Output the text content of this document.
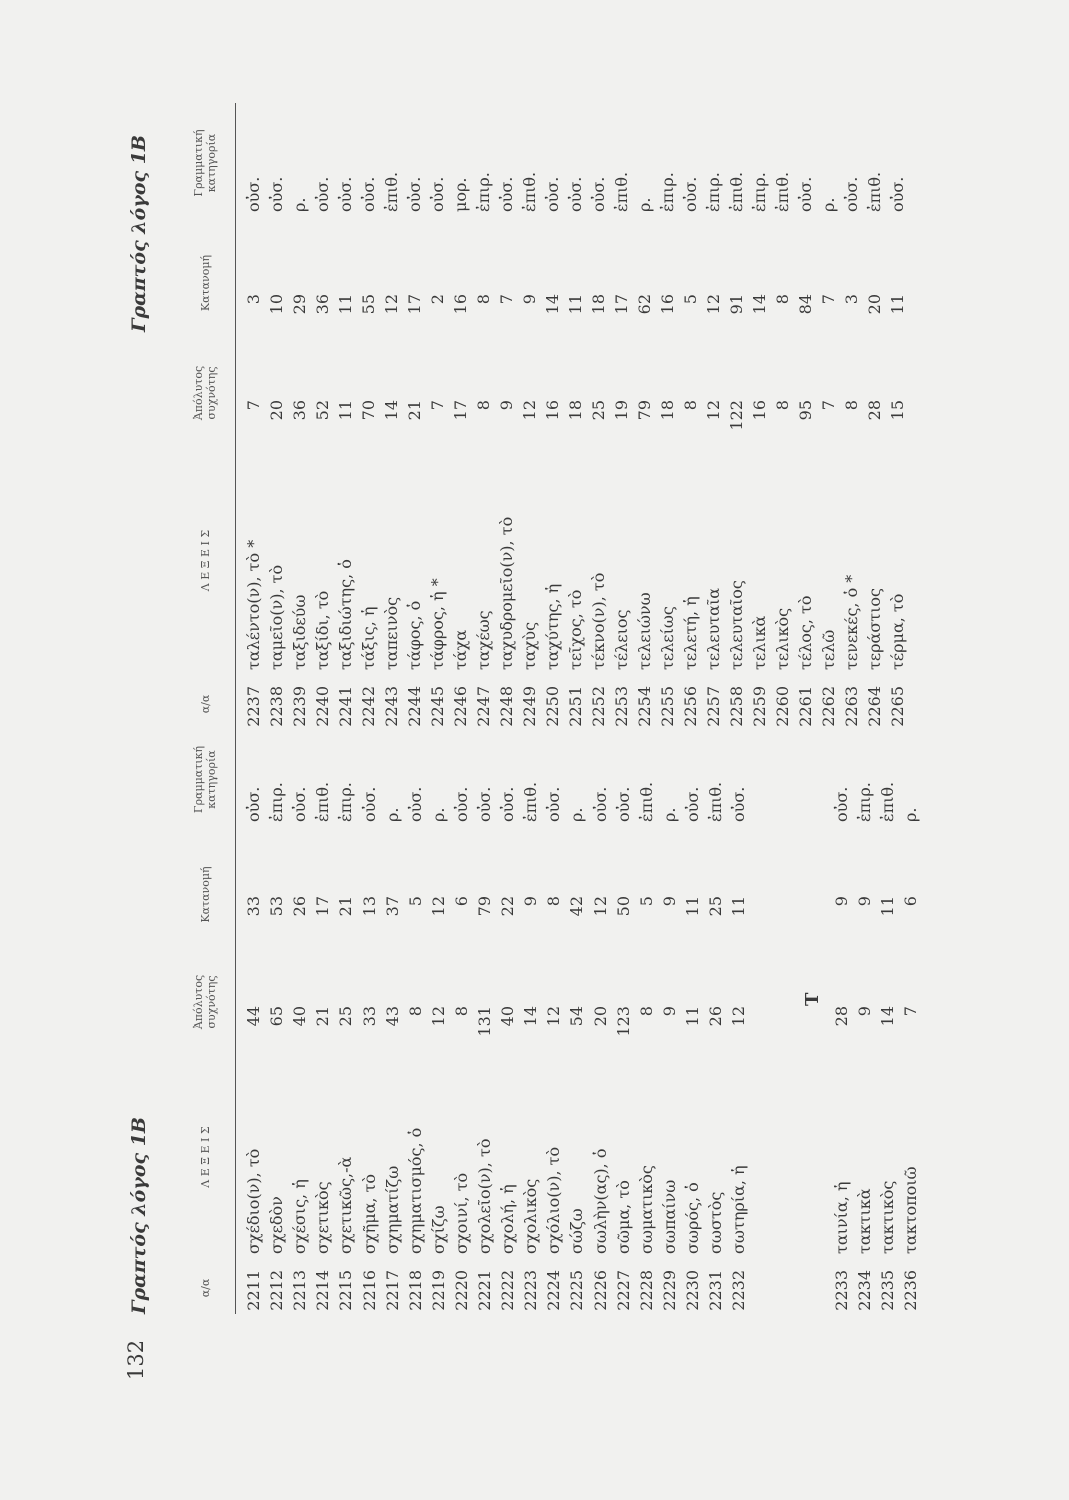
132
Γραπτός λόγος 1Β
Γραπτός λόγος 1Β
α/α
Λ Ε Ξ Ε Ι Σ
Ἀπόλυτος συχνότης
Κατανομή
Γραμματική κατηγορία
2211
σχέδιο(ν), τὸ
44
33
οὐσ.
2212
σχεδὸν
65
53
ἐπιρ.
2213
σχέσις, ἡ
40
26
οὐσ.
2214
σχετικὸς
21
17
ἐπιθ.
2215
σχετικῶς,-ὰ
25
21
ἐπιρ.
2216
σχῆμα, τὸ
33
13
οὐσ.
2217
σχηματίζω
43
37
ρ.
2218
σχηματισμός, ὁ
8
5
οὐσ.
2219
σχίζω
12
12
ρ.
2220
σχοινί, τὸ
8
6
οὐσ.
2221
σχολεῖο(ν), τὸ
131
79
οὐσ.
2222
σχολή, ἡ
40
22
οὐσ.
2223
σχολικὸς
14
9
ἐπιθ.
2224
σχόλιο(ν), τὸ
12
8
οὐσ.
2225
σώζω
54
42
ρ.
2226
σωλὴν(ας), ὁ
20
12
οὐσ.
2227
σῶμα, τὸ
123
50
οὐσ.
2228
σωματικὸς
8
5
ἐπιθ.
2229
σωπαίνω
9
9
ρ.
2230
σωρός, ὁ
11
11
οὐσ.
2231
σωστὸς
26
25
ἐπιθ.
2232
σωτηρία, ἡ
12
11
οὐσ.
2233
ταινία, ἡ
28
9
οὐσ.
2234
τακτικὰ
9
9
ἐπιρ.
2235
τακτικὸς
14
11
ἐπιθ.
2236
τακτοποιῶ
7
6
ρ.
Τ
α/α
Λ Ε Ξ Ε Ι Σ
Ἀπόλυτος συχνότης
Κατανομή
Γραμματική κατηγορία
2237
ταλέντο(ν), τὸ *
7
3
οὐσ.
2238
ταμεῖο(ν), τὸ
20
10
οὐσ.
2239
ταξιδεύω
36
29
ρ.
2240
ταξίδι, τὸ
52
36
οὐσ.
2241
ταξιδιώτης, ὁ
11
11
οὐσ.
2242
τάξις, ἡ
70
55
οὐσ.
2243
ταπεινὸς
14
12
ἐπιθ.
2244
τάφος, ὁ
21
17
οὐσ.
2245
τάφρος, ἡ *
7
2
οὐσ.
2246
τάχα
17
16
μορ.
2247
ταχέως
8
8
ἐπιρ.
2248
ταχυδρομεῖο(ν), τὸ
9
7
οὐσ.
2249
ταχὺς
12
9
ἐπιθ.
2250
ταχύτης, ἡ
16
14
οὐσ.
2251
τεῖχος, τὸ
18
11
οὐσ.
2252
τέκνο(ν), τὸ
25
18
οὐσ.
2253
τέλειος
19
17
ἐπιθ.
2254
τελειώνω
79
62
ρ.
2255
τελείως
18
16
ἐπιρ.
2256
τελετή, ἡ
8
5
οὐσ.
2257
τελευταῖα
12
12
ἐπιρ.
2258
τελευταῖος
122
91
ἐπιθ.
2259
τελικὰ
16
14
ἐπιρ.
2260
τελικὸς
8
8
ἐπιθ.
2261
τέλος, τὸ
95
84
οὐσ.
2262
τελῶ
7
7
ρ.
2263
τενεκές, ὁ *
8
3
οὐσ.
2264
τεράστιος
28
20
ἐπιθ.
2265
τέρμα, τὸ
15
11
οὐσ.
